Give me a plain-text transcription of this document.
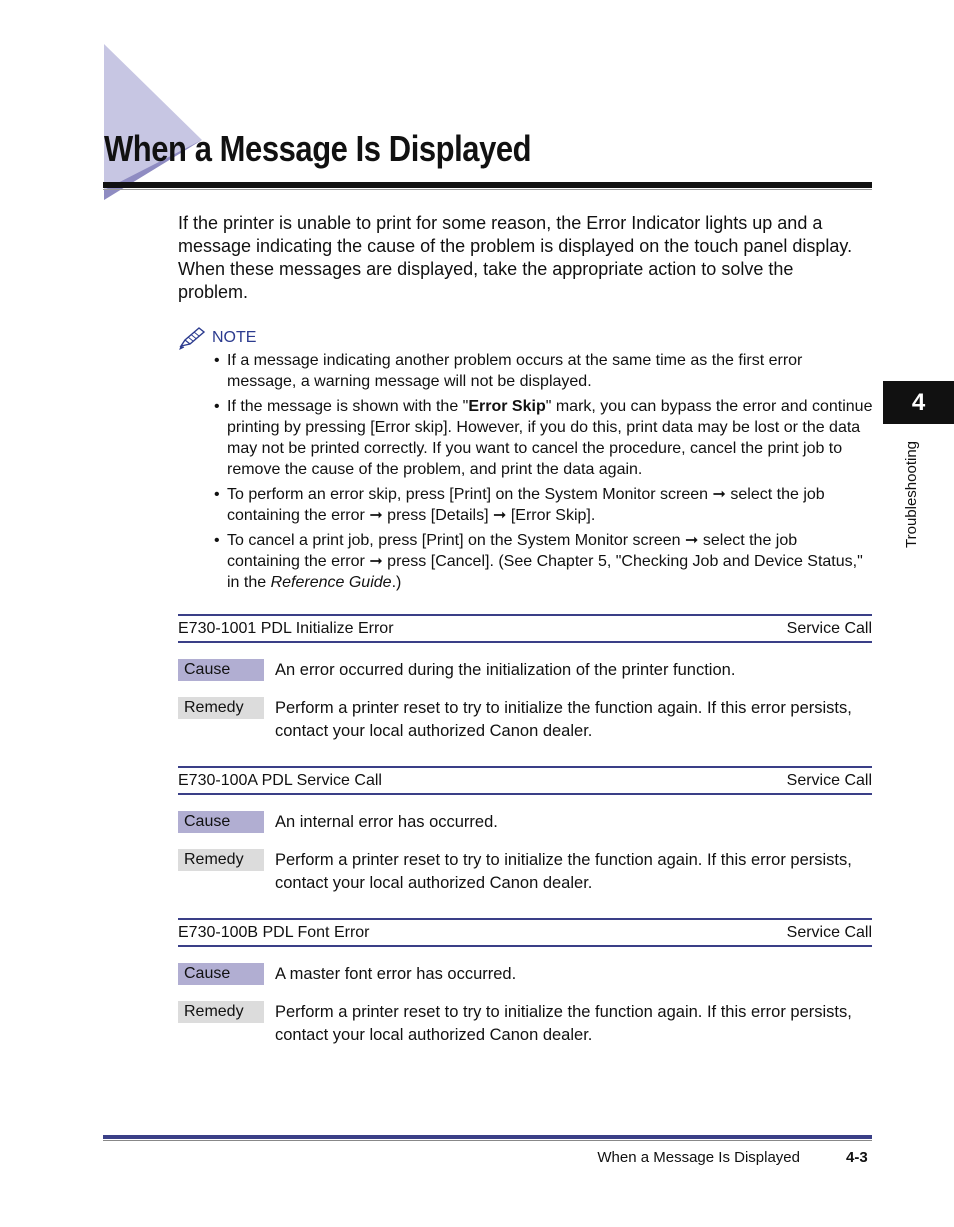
When a Message Is Displayed

If the printer is unable to print for some reason, the Error Indicator lights up and a message indicating the cause of the problem is displayed on the touch panel display. When these messages are displayed, take the appropriate action to solve the problem.

NOTE
• If a message indicating another problem occurs at the same time as the first error message, a warning message will not be displayed.
• If the message is shown with the "Error Skip" mark, you can bypass the error and continue printing by pressing [Error skip]. However, if you do this, print data may be lost or the data may not be printed correctly. If you want to cancel the procedure, cancel the print job to remove the cause of the problem, and print the data again.
• To perform an error skip, press [Print] on the System Monitor screen ➞ select the job containing the error ➞ press [Details] ➞ [Error Skip].
• To cancel a print job, press [Print] on the System Monitor screen ➞ select the job containing the error ➞ press [Cancel]. (See Chapter 5, "Checking Job and Device Status," in the Reference Guide.)
E730-1001 PDL Initialize Error	Service Call
Cause	An error occurred during the initialization of the printer function.
Remedy	Perform a printer reset to try to initialize the function again. If this error persists, contact your local authorized Canon dealer.
E730-100A PDL Service Call	Service Call
Cause	An internal error has occurred.
Remedy	Perform a printer reset to try to initialize the function again. If this error persists, contact your local authorized Canon dealer.
E730-100B PDL Font Error	Service Call
Cause	A master font error has occurred.
Remedy	Perform a printer reset to try to initialize the function again. If this error persists, contact your local authorized Canon dealer.
4
Troubleshooting
When a Message Is Displayed	4-3
